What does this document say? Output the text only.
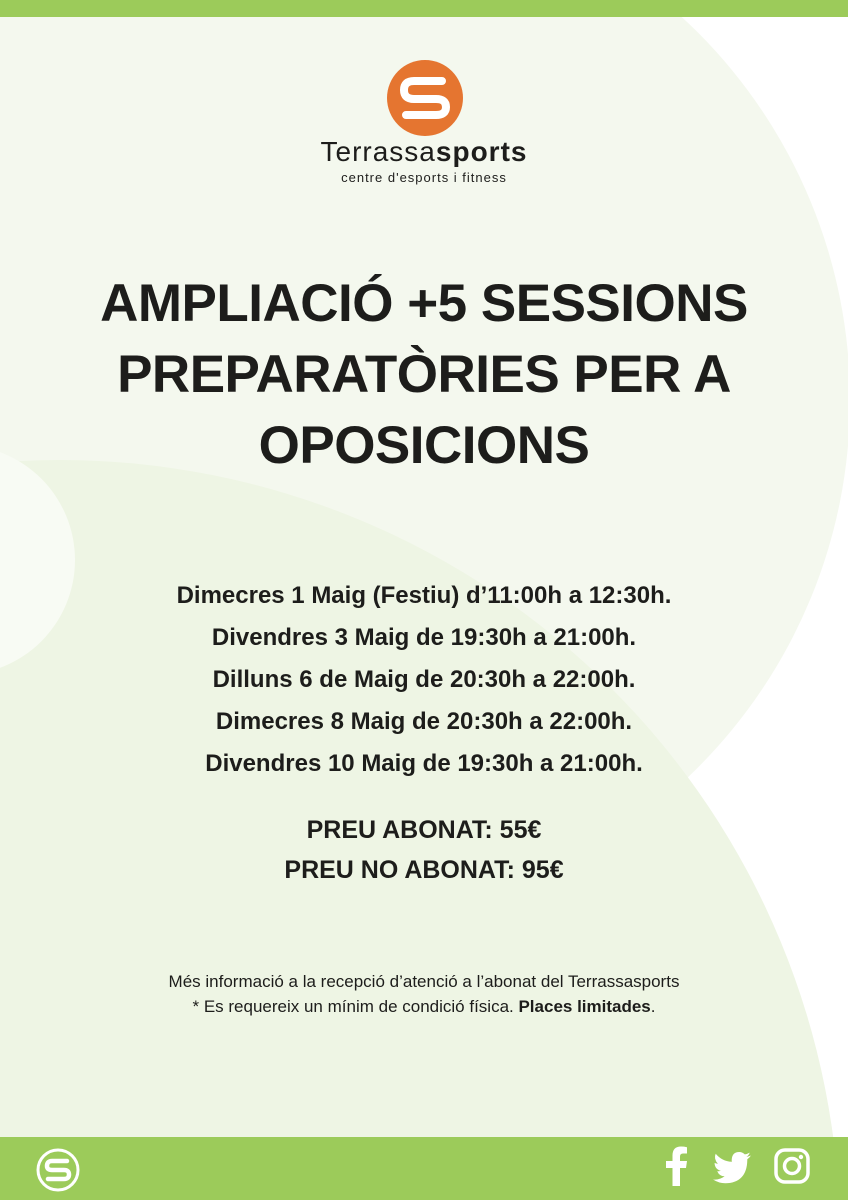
Terrassasports
centre d'esports i fitness
AMPLIACIÓ +5 SESSIONS
PREPARATÒRIES PER A
OPOSICIONS
Dimecres 1 Maig (Festiu) d’11:00h a 12:30h.
Divendres 3 Maig de 19:30h a 21:00h.
Dilluns 6 de Maig de 20:30h a 22:00h.
Dimecres 8 Maig de 20:30h a 22:00h.
Divendres 10 Maig de 19:30h a 21:00h.
PREU ABONAT: 55€
PREU NO ABONAT: 95€
Més informació a la recepció d’atenció a l’abonat del Terrassasports
* Es requereix un mínim de condició física. Places limitades.
